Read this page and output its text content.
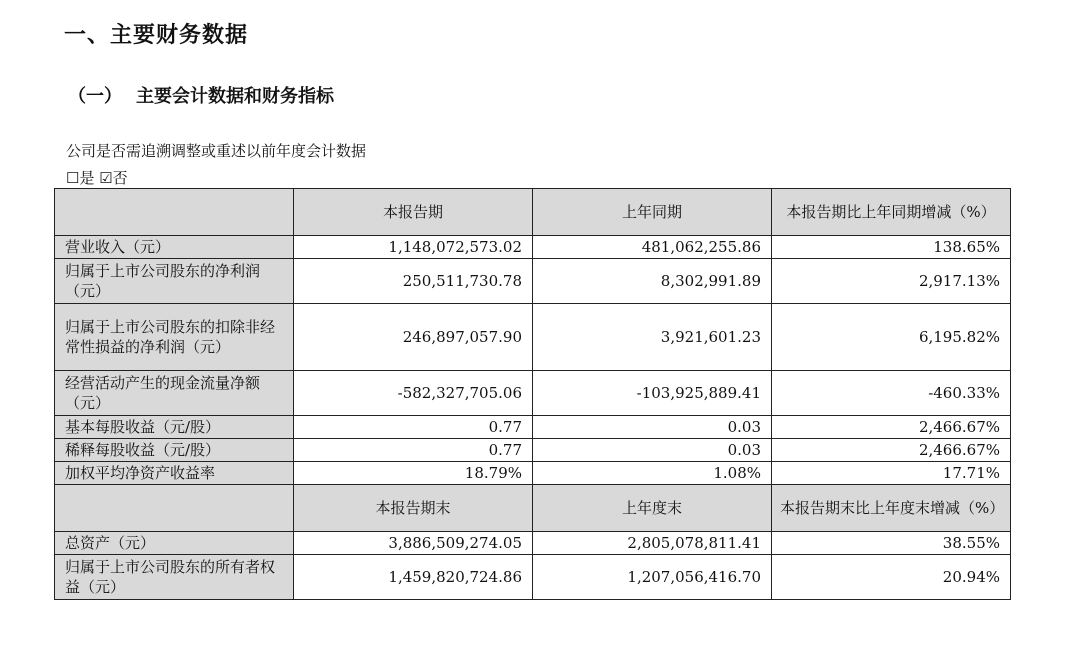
一、主要财务数据
（一） 主要会计数据和财务指标
公司是否需追溯调整或重述以前年度会计数据
☐是 ☑否
	本报告期	上年同期	本报告期比上年同期增减（%）
营业收入（元）	1,148,072,573.02	481,062,255.86	138.65%
归属于上市公司股东的净利润（元）	250,511,730.78	8,302,991.89	2,917.13%
归属于上市公司股东的扣除非经常性损益的净利润（元）	246,897,057.90	3,921,601.23	6,195.82%
经营活动产生的现金流量净额（元）	-582,327,705.06	-103,925,889.41	-460.33%
基本每股收益（元/股）	0.77	0.03	2,466.67%
稀释每股收益（元/股）	0.77	0.03	2,466.67%
加权平均净资产收益率	18.79%	1.08%	17.71%
	本报告期末	上年度末	本报告期末比上年度末增减（%）
总资产（元）	3,886,509,274.05	2,805,078,811.41	38.55%
归属于上市公司股东的所有者权益（元）	1,459,820,724.86	1,207,056,416.70	20.94%
